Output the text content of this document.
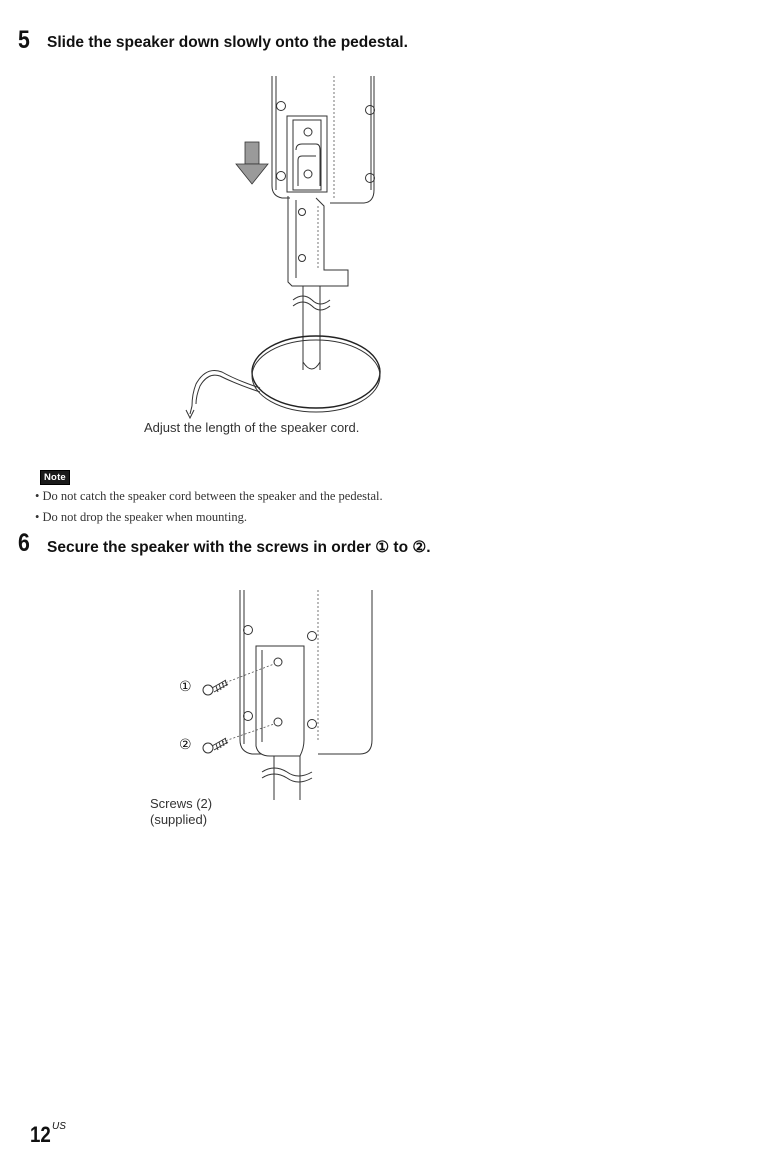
5 Slide the speaker down slowly onto the pedestal.
Adjust the length of the speaker cord.
Note
• Do not catch the speaker cord between the speaker and the pedestal.
• Do not drop the speaker when mounting.
6 Secure the speaker with the screws in order ① to ②.
①
②
Screws (2)
(supplied)
12 US
